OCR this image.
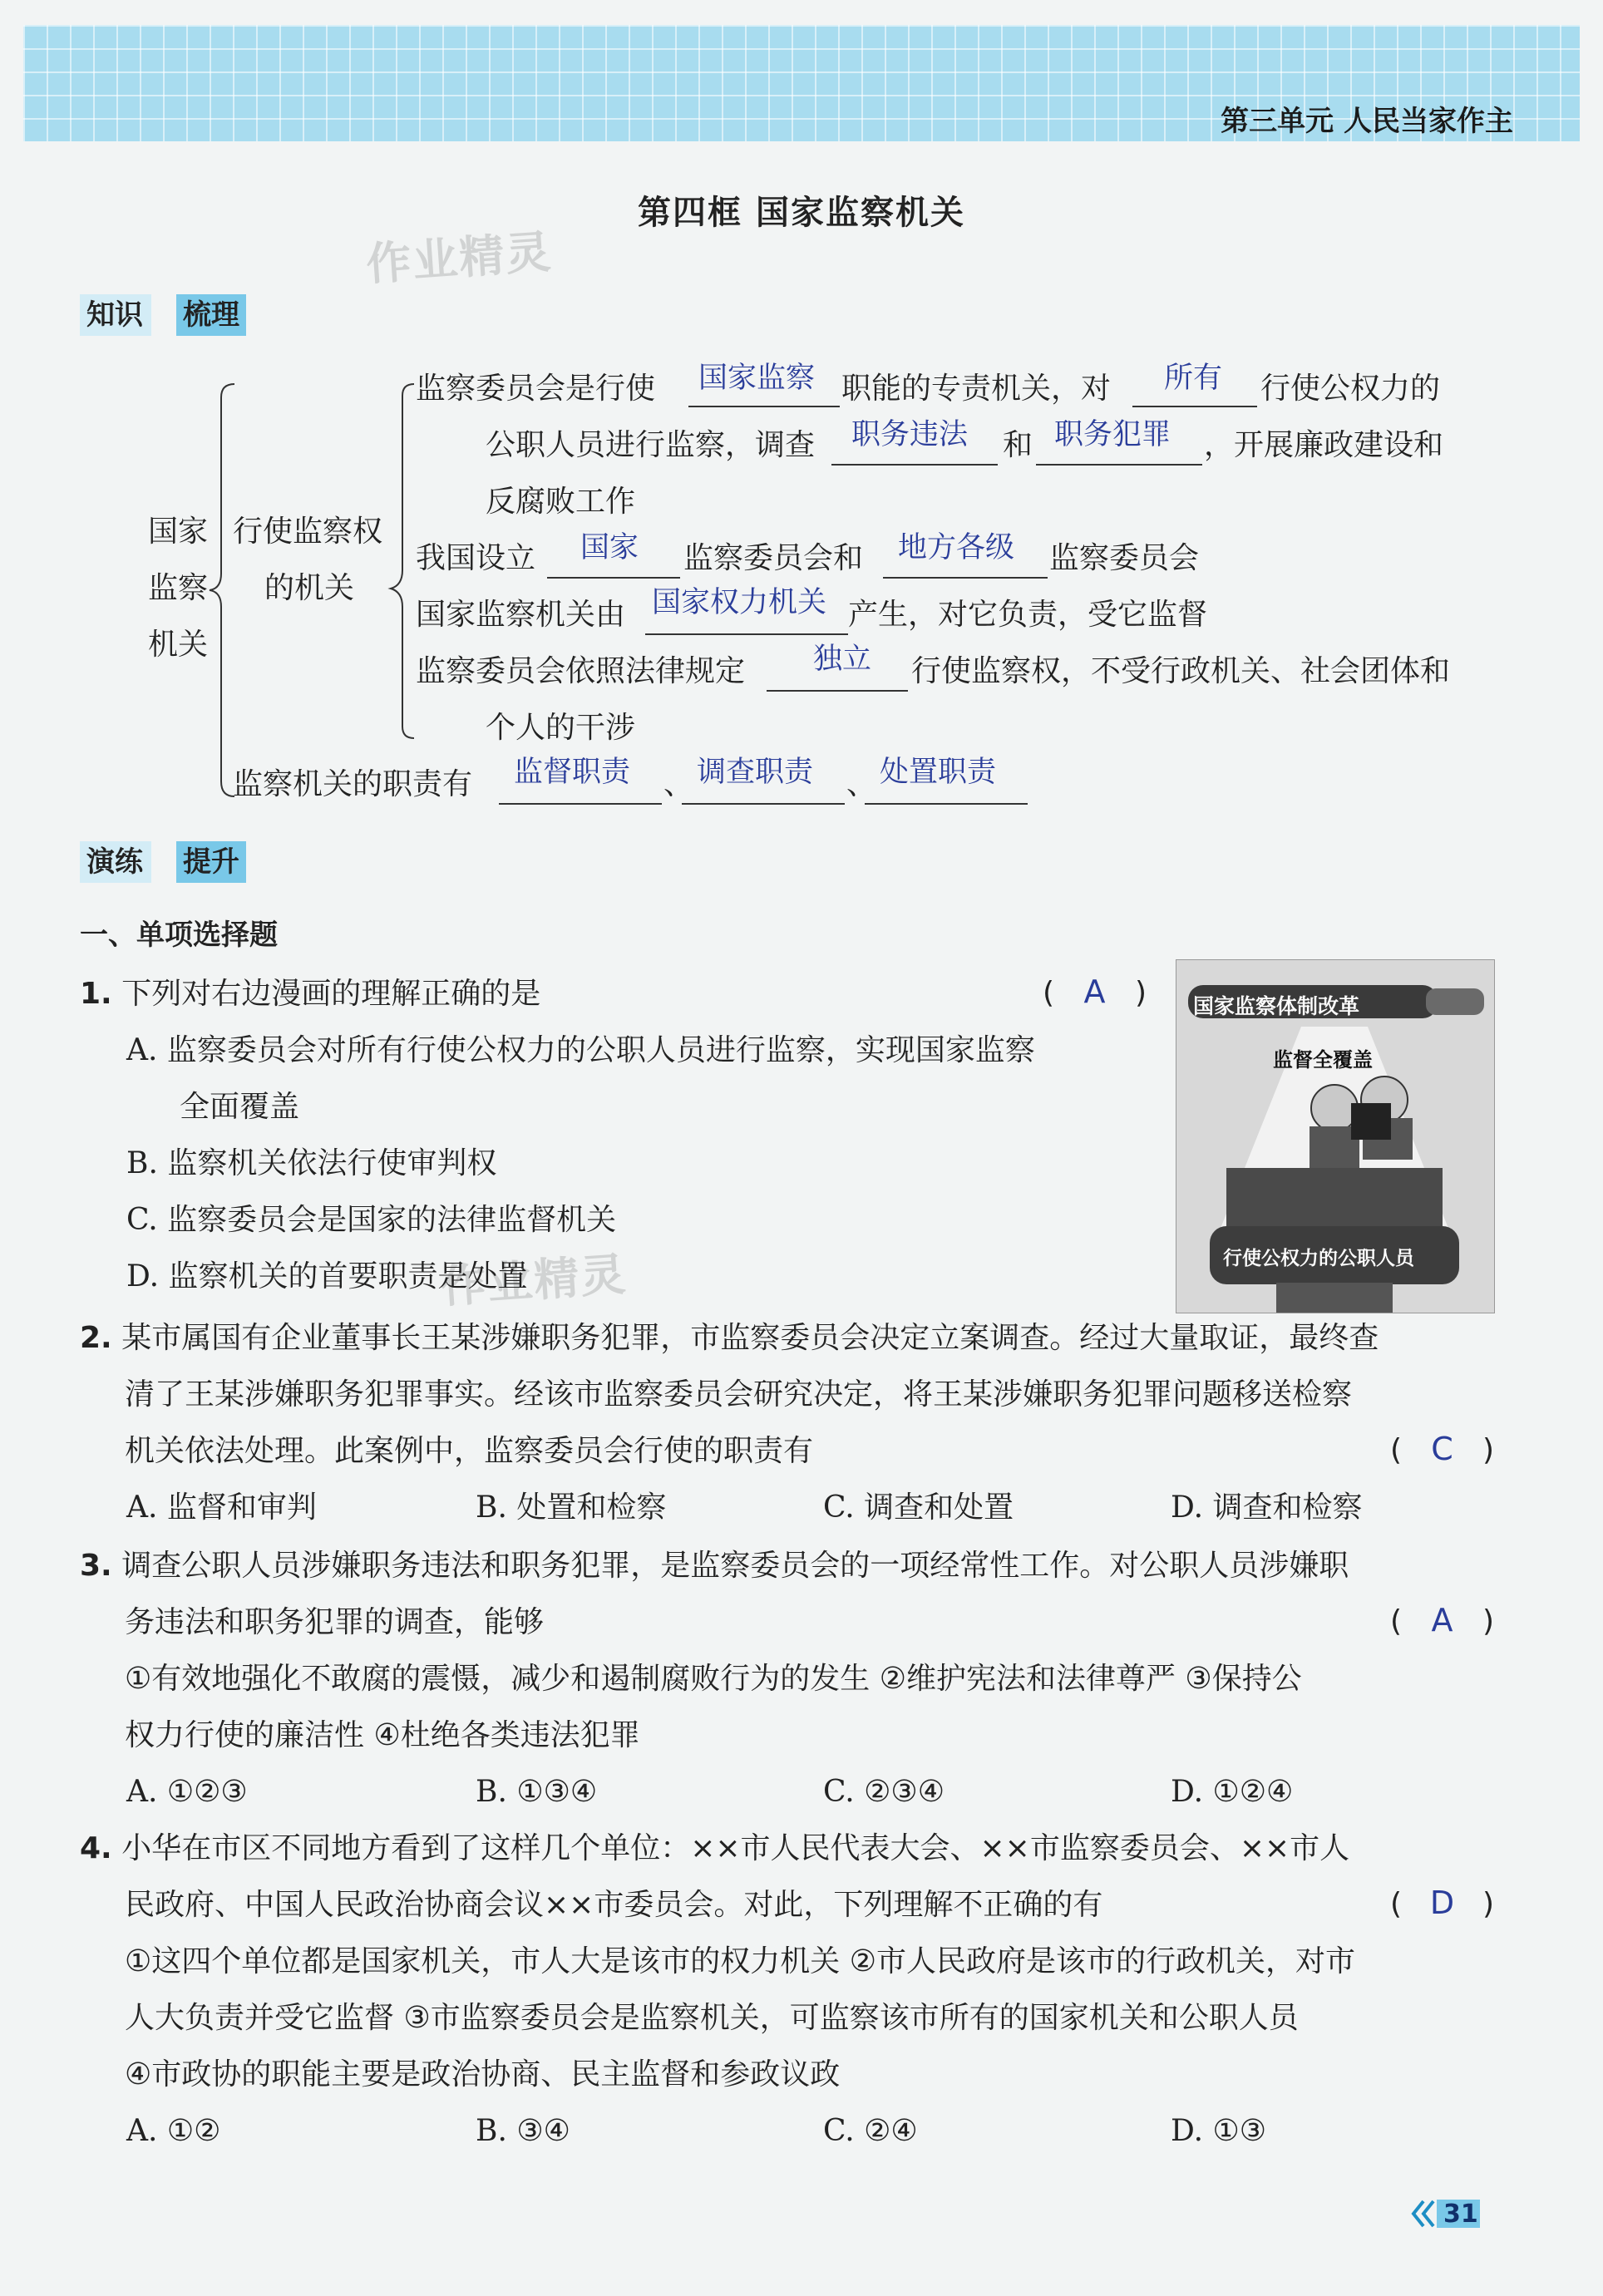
第三单元 人民当家作主
第四框 国家监察机关
作业精灵
作业精灵
知识 梳理
国家
监察
机关
行使监察权
的机关
监察委员会是行使 国家监察 职能的专责机关，对 所有 行使公权力的
公职人员进行监察，调查 职务违法 和 职务犯罪 ，开展廉政建设和
反腐败工作
我国设立 国家 监察委员会和 地方各级 监察委员会
国家监察机关由 国家权力机关 产生，对它负责，受它监督
监察委员会依照法律规定 独立 行使监察权，不受行政机关、社会团体和
个人的干涉
监察机关的职责有 监督职责 、 调查职责 、 处置职责
演练 提升
一、单项选择题
1. 下列对右边漫画的理解正确的是	( A )
A. 监察委员会对所有行使公权力的公职人员进行监察，实现国家监察
全面覆盖
B. 监察机关依法行使审判权
C. 监察委员会是国家的法律监督机关
D. 监察机关的首要职责是处置
国家监察体制改革
监督全覆盖
行使公权力的公职人员
2. 某市属国有企业董事长王某涉嫌职务犯罪，市监察委员会决定立案调查。经过大量取证，最终查
清了王某涉嫌职务犯罪事实。经该市监察委员会研究决定，将王某涉嫌职务犯罪问题移送检察
机关依法处理。此案例中，监察委员会行使的职责有	( C )
A. 监督和审判	B. 处置和检察	C. 调查和处置	D. 调查和检察
3. 调查公职人员涉嫌职务违法和职务犯罪，是监察委员会的一项经常性工作。对公职人员涉嫌职
务违法和职务犯罪的调查，能够	( A )
①有效地强化不敢腐的震慑，减少和遏制腐败行为的发生 ②维护宪法和法律尊严 ③保持公
权力行使的廉洁性 ④杜绝各类违法犯罪
A. ①②③	B. ①③④	C. ②③④	D. ①②④
4. 小华在市区不同地方看到了这样几个单位：××市人民代表大会、××市监察委员会、××市人
民政府、中国人民政治协商会议××市委员会。对此，下列理解不正确的有	( D )
①这四个单位都是国家机关，市人大是该市的权力机关 ②市人民政府是该市的行政机关，对市
人大负责并受它监督 ③市监察委员会是监察机关，可监察该市所有的国家机关和公职人员
④市政协的职能主要是政治协商、民主监督和参政议政
A. ①②	B. ③④	C. ②④	D. ①③
31
